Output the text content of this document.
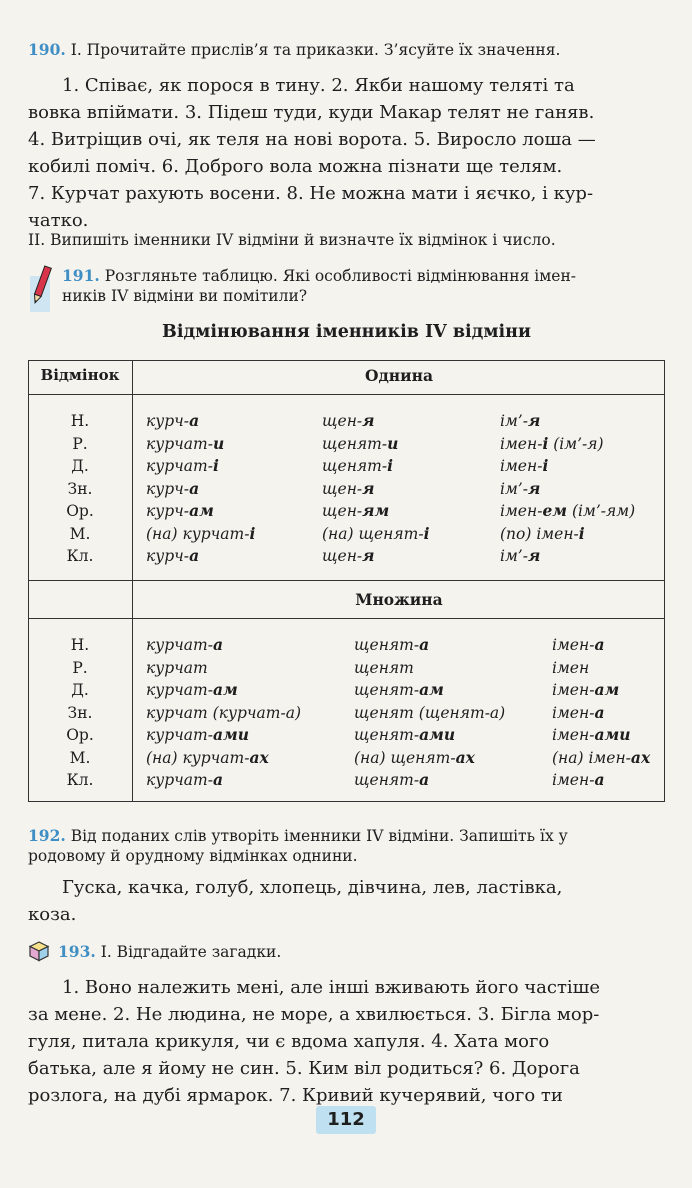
190. I. Прочитайте прислів’я та приказки. З’ясуйте їх значення.
1. Співає, як порося в тину. 2. Якби нашому теляті та
вовка впіймати. 3. Підеш туди, куди Макар телят не ганяв.
4. Витріщив очі, як теля на нові ворота. 5. Виросло лоша —
кобилі поміч. 6. Доброго вола можна пізнати ще телям.
7. Курчат рахують восени. 8. Не можна мати і яєчко, і кур-
чатко.
II. Випишіть іменники IV відміни й визначте їх відмінок і число.
191. Розгляньте таблицю. Які особливості відмінювання імен-
ників IV відміни ви помітили?
Відмінювання іменників IV відміни
Відмінок	Однина
Н.
Р.
Д.
Зн.
Ор.
М.
Кл.
курч-а
курчат-и
курчат-і
курч-а
курч-ам
(на) курчат-і
курч-а
щен-я
щенят-и
щенят-і
щен-я
щен-ям
(на) щенят-і
щен-я
ім’-я
імен-і (ім’-я)
імен-і
ім’-я
імен-ем (ім’-ям)
(по) імен-і
ім’-я
Множина
Н.
Р.
Д.
Зн.
Ор.
М.
Кл.
курчат-а
курчат
курчат-ам
курчат (курчат-а)
курчат-ами
(на) курчат-ах
курчат-а
щенят-а
щенят
щенят-ам
щенят (щенят-а)
щенят-ами
(на) щенят-ах
щенят-а
імен-а
імен
імен-ам
імен-а
імен-ами
(на) імен-ах
імен-а
192. Від поданих слів утворіть іменники IV відміни. Запишіть їх у
родовому й орудному відмінках однини.
Гуска, качка, голуб, хлопець, дівчина, лев, ластівка,
коза.
193. I. Відгадайте загадки.
1. Воно належить мені, але інші вживають його частіше
за мене. 2. Не людина, не море, а хвилюється. 3. Бігла мор-
гуля, питала крикуля, чи є вдома хапуля. 4. Хата мого
батька, але я йому не син. 5. Ким віл родиться? 6. Дорога
розлога, на дубі ярмарок. 7. Кривий кучерявий, чого ти
112
